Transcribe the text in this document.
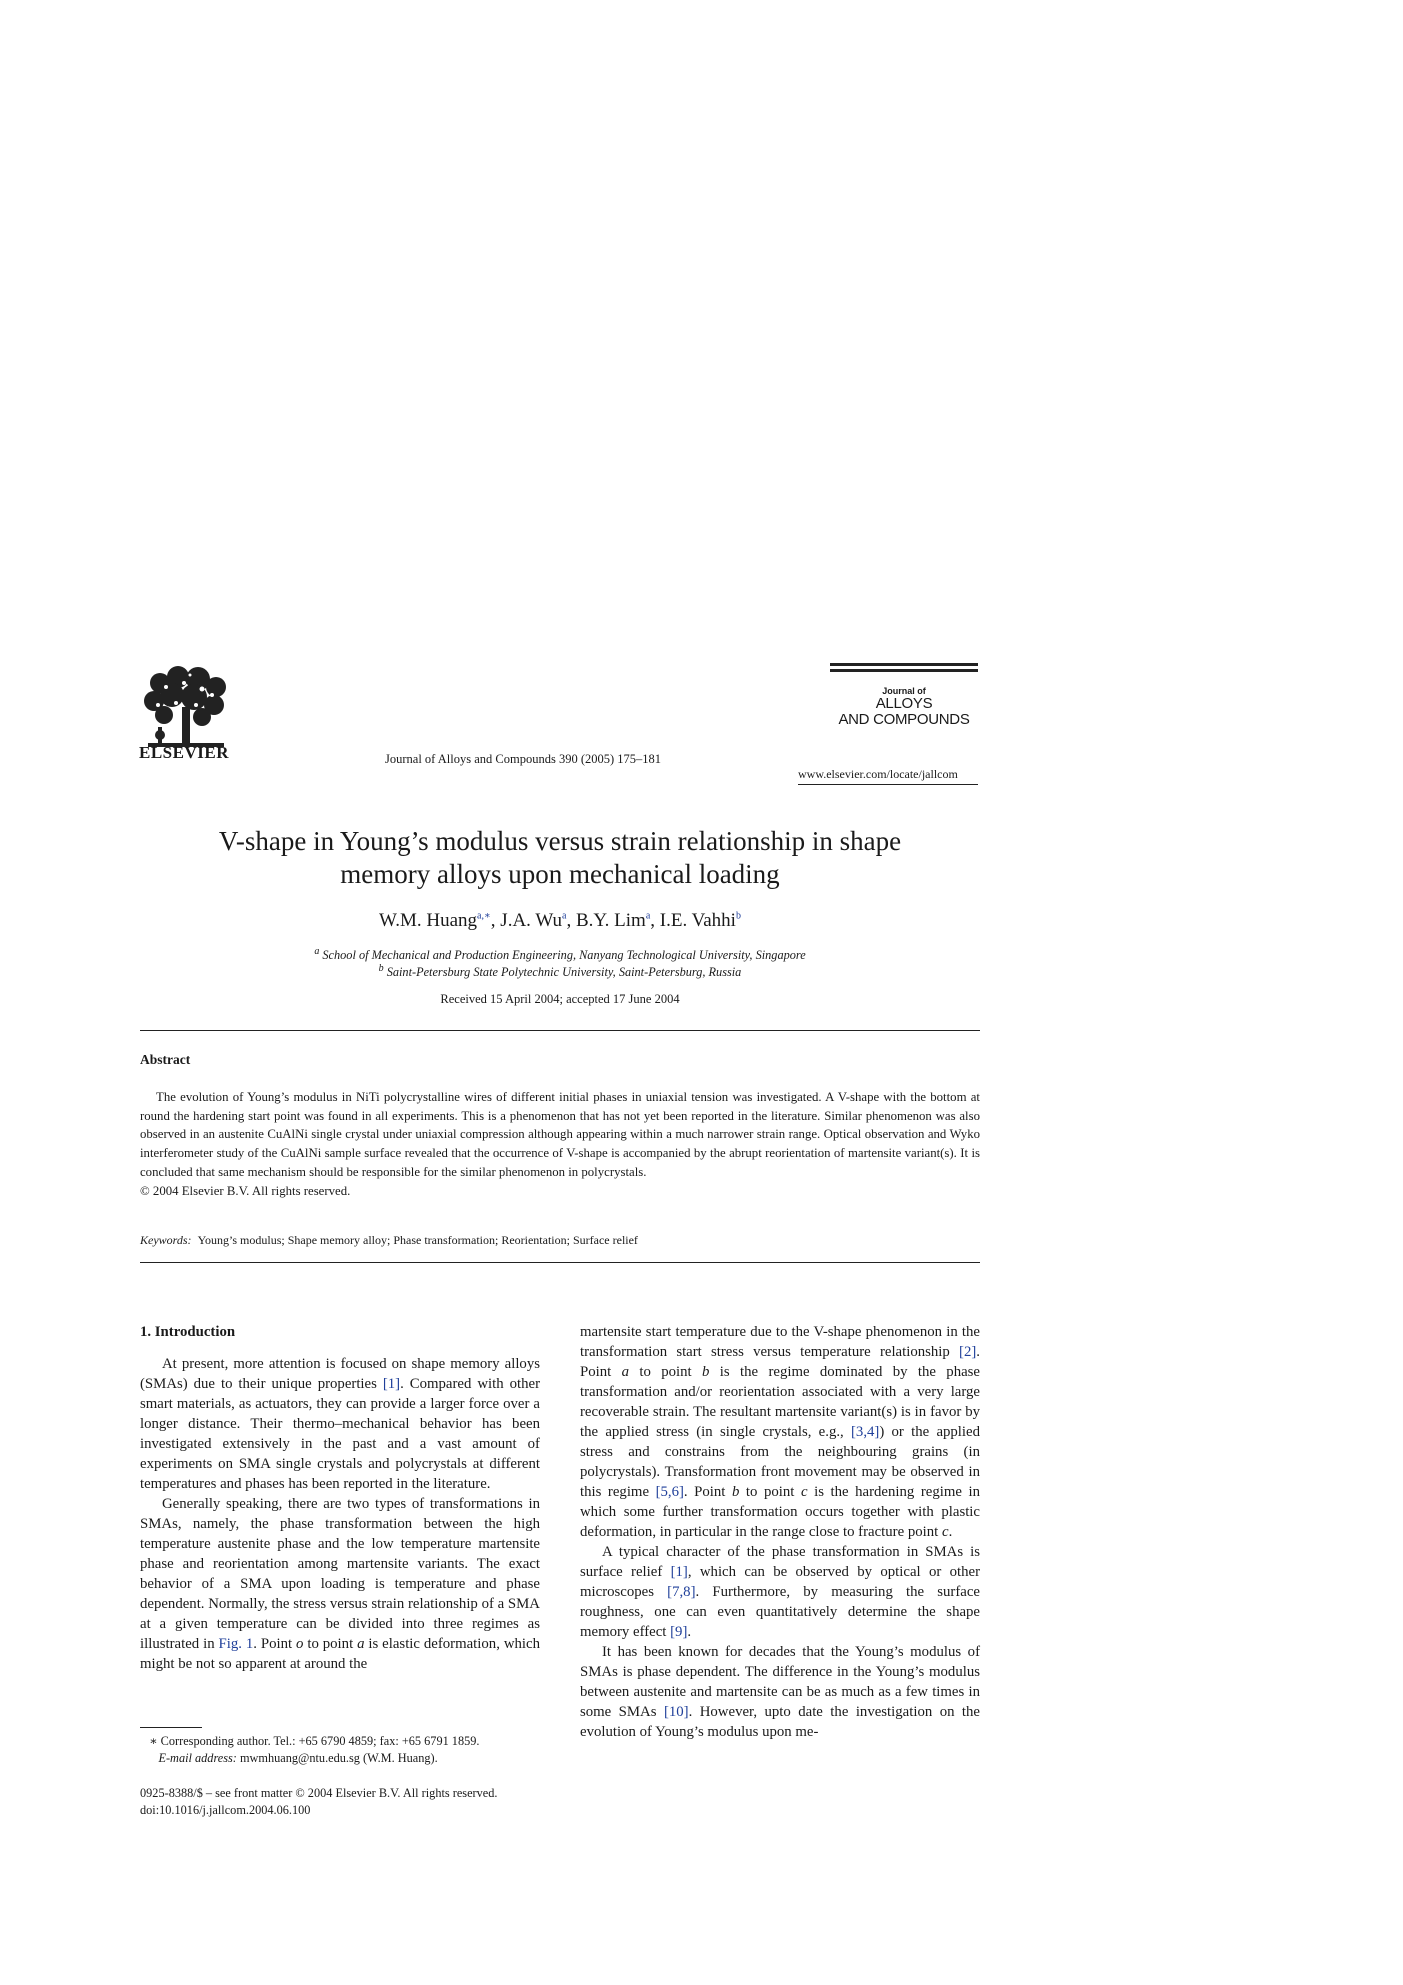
ELSEVIER	Journal of Alloys and Compounds 390 (2005) 175–181
Journal of
ALLOYS
AND COMPOUNDS
www.elsevier.com/locate/jallcom
V-shape in Young’s modulus versus strain relationship in shape
memory alloys upon mechanical loading
W.M. Huang$^{a,∗}$, J.A. Wu$^a$, B.Y. Lim$^a$, I.E. Vahhi$^b$
$^a$ School of Mechanical and Production Engineering, Nanyang Technological University, Singapore
$^b$ Saint-Petersburg State Polytechnic University, Saint-Petersburg, Russia
Received 15 April 2004; accepted 17 June 2004
Abstract

The evolution of Young’s modulus in NiTi polycrystalline wires of different initial phases in uniaxial tension was investigated. A V-shape with the bottom at round the hardening start point was found in all experiments. This is a phenomenon that has not yet been reported in the literature. Similar phenomenon was also observed in an austenite CuAlNi single crystal under uniaxial compression although appearing within a much narrower strain range. Optical observation and Wyko interferometer study of the CuAlNi sample surface revealed that the occurrence of V-shape is accompanied by the abrupt reorientation of martensite variant(s). It is concluded that same mechanism should be responsible for the similar phenomenon in polycrystals.

© 2004 Elsevier B.V. All rights reserved.

Keywords: Young’s modulus; Shape memory alloy; Phase transformation; Reorientation; Surface relief
1. Introduction

At present, more attention is focused on shape memory alloys (SMAs) due to their unique properties [1]. Compared with other smart materials, as actuators, they can provide a larger force over a longer distance. Their thermo–mechanical behavior has been investigated extensively in the past and a vast amount of experiments on SMA single crystals and polycrystals at different temperatures and phases has been reported in the literature.

Generally speaking, there are two types of transformations in SMAs, namely, the phase transformation between the high temperature austenite phase and the low temperature martensite phase and reorientation among martensite variants. The exact behavior of a SMA upon loading is temperature and phase dependent. Normally, the stress versus strain relationship of a SMA at a given temperature can be divided into three regimes as illustrated in Fig. 1. Point o to point a is elastic deformation, which might be not so apparent at around the

martensite start temperature due to the V-shape phenomenon in the transformation start stress versus temperature relationship [2]. Point a to point b is the regime dominated by the phase transformation and/or reorientation associated with a very large recoverable strain. The resultant martensite variant(s) is in favor by the applied stress (in single crystals, e.g., [3,4]) or the applied stress and constrains from the neighbouring grains (in polycrystals). Transformation front movement may be observed in this regime [5,6]. Point b to point c is the hardening regime in which some further transformation occurs together with plastic deformation, in particular in the range close to fracture point c.

A typical character of the phase transformation in SMAs is surface relief [1], which can be observed by optical or other microscopes [7,8]. Furthermore, by measuring the surface roughness, one can even quantitatively determine the shape memory effect [9].

It has been known for decades that the Young’s modulus of SMAs is phase dependent. The difference in the Young’s modulus between austenite and martensite can be as much as a few times in some SMAs [10]. However, upto date the investigation on the evolution of Young’s modulus upon me-

∗ Corresponding author. Tel.: +65 6790 4859; fax: +65 6791 1859.
E-mail address: mwmhuang@ntu.edu.sg (W.M. Huang).
0925-8388/$ – see front matter © 2004 Elsevier B.V. All rights reserved.
doi:10.1016/j.jallcom.2004.06.100
